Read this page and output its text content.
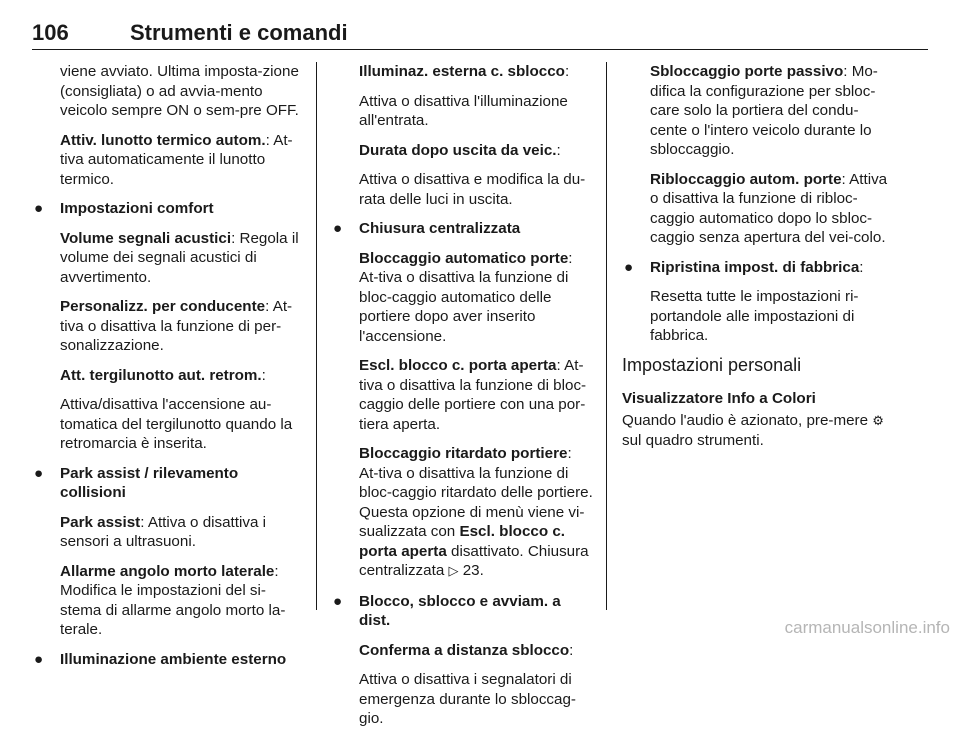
106	Strumenti e comandi

viene avviato. Ultima imposta-zione (consigliata) o ad avvia-mento veicolo sempre ON o sem-pre OFF.

Attiv. lunotto termico autom.: At-tiva automaticamente il lunotto termico.

● Impostazioni comfort

Volume segnali acustici: Regola il volume dei segnali acustici di avvertimento.

Personalizz. per conducente: At-tiva o disattiva la funzione di per-sonalizzazione.

Att. tergilunotto aut. retrom.:

Attiva/disattiva l'accensione au-tomatica del tergilunotto quando la retromarcia è inserita.

● Park assist / rilevamento collisioni

Park assist: Attiva o disattiva i sensori a ultrasuoni.

Allarme angolo morto laterale: Modifica le impostazioni del si-stema di allarme angolo morto la-terale.

● Illuminazione ambiente esterno

Illuminaz. esterna c. sblocco:

Attiva o disattiva l'illuminazione all'entrata.

Durata dopo uscita da veic.:

Attiva o disattiva e modifica la du-rata delle luci in uscita.

● Chiusura centralizzata

Bloccaggio automatico porte: At-tiva o disattiva la funzione di bloc-caggio automatico delle portiere dopo aver inserito l'accensione.

Escl. blocco c. porta aperta: At-tiva o disattiva la funzione di bloc-caggio delle portiere con una por-tiera aperta.

Bloccaggio ritardato portiere: At-tiva o disattiva la funzione di bloc-caggio ritardato delle portiere. Questa opzione di menù viene vi-sualizzata con Escl. blocco c. porta aperta disattivato. Chiusura centralizzata ▷ 23.

● Blocco, sblocco e avviam. a dist.

Conferma a distanza sblocco:

Attiva o disattiva i segnalatori di emergenza durante lo sbloccag-gio.

Sbloccaggio porte passivo: Mo-difica la configurazione per sbloc-care solo la portiera del condu-cente o l'intero veicolo durante lo sbloccaggio.

Ribloccaggio autom. porte: Attiva o disattiva la funzione di ribloc-caggio automatico dopo lo sbloc-caggio senza apertura del vei-colo.

● Ripristina impost. di fabbrica:

Resetta tutte le impostazioni ri-portandole alle impostazioni di fabbrica.

Impostazioni personali
Visualizzatore Info a Colori

Quando l'audio è azionato, pre-mere ⚙ sul quadro strumenti.

carmanualsonline.info
